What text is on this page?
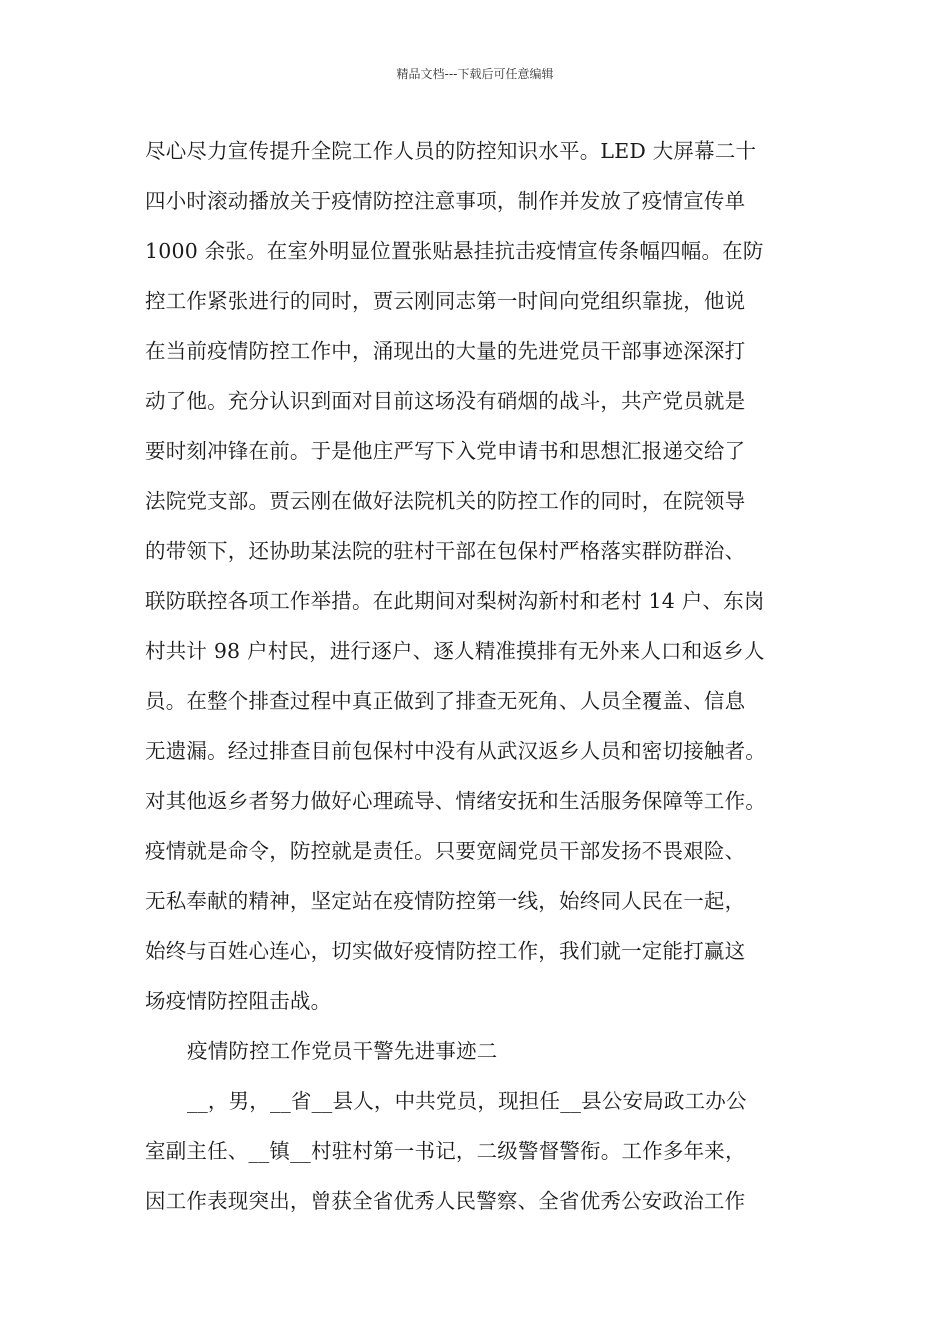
精品文档---下载后可任意编辑
尽心尽力宣传提升全院工作人员的防控知识水平。LED 大屏幕二十
四小时滚动播放关于疫情防控注意事项，制作并发放了疫情宣传单
1000 余张。在室外明显位置张贴悬挂抗击疫情宣传条幅四幅。在防
控工作紧张进行的同时，贾云刚同志第一时间向党组织靠拢，他说
在当前疫情防控工作中，涌现出的大量的先进党员干部事迹深深打
动了他。充分认识到面对目前这场没有硝烟的战斗，共产党员就是
要时刻冲锋在前。于是他庄严写下入党申请书和思想汇报递交给了
法院党支部。贾云刚在做好法院机关的防控工作的同时，在院领导
的带领下，还协助某法院的驻村干部在包保村严格落实群防群治、
联防联控各项工作举措。在此期间对梨树沟新村和老村 14 户、东岗
村共计 98 户村民，进行逐户、逐人精准摸排有无外来人口和返乡人
员。在整个排查过程中真正做到了排查无死角、人员全覆盖、信息
无遗漏。经过排查目前包保村中没有从武汉返乡人员和密切接触者。
对其他返乡者努力做好心理疏导、情绪安抚和生活服务保障等工作。
疫情就是命令，防控就是责任。只要宽阔党员干部发扬不畏艰险、
无私奉献的精神，坚定站在疫情防控第一线，始终同人民在一起，
始终与百姓心连心，切实做好疫情防控工作，我们就一定能打赢这
场疫情防控阻击战。
疫情防控工作党员干警先进事迹二
__，男，__省__县人，中共党员，现担任__县公安局政工办公
室副主任、__镇__村驻村第一书记，二级警督警衔。工作多年来，
因工作表现突出，曾获全省优秀人民警察、全省优秀公安政治工作
